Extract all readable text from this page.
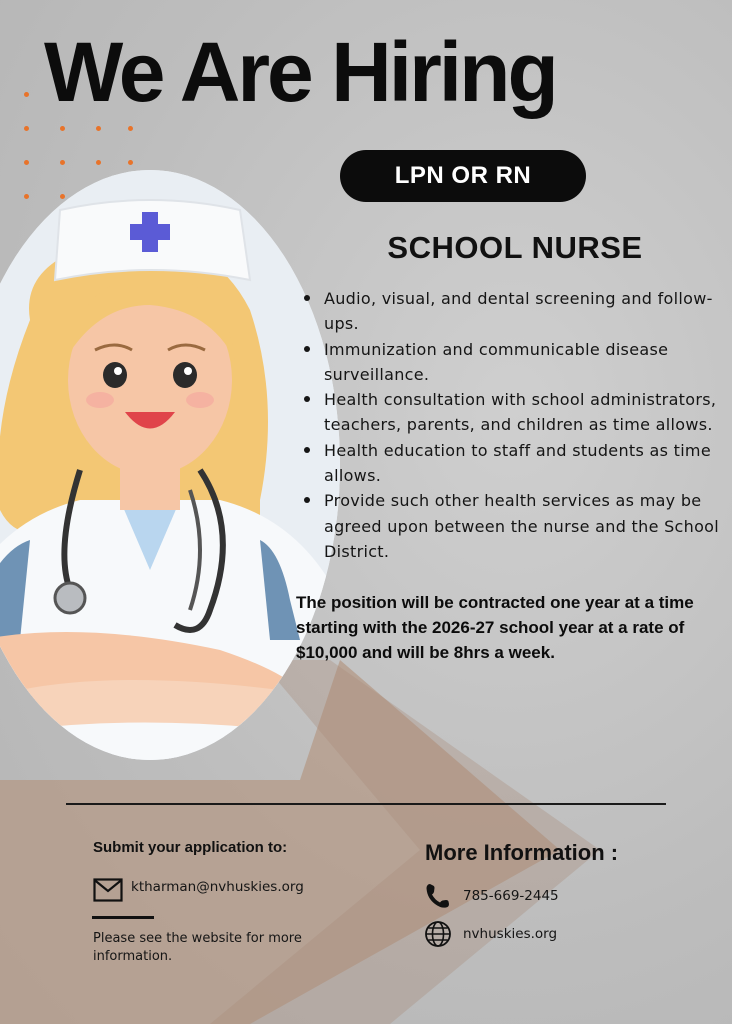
We Are Hiring
LPN OR RN
SCHOOL NURSE
Audio, visual, and dental screening and follow-ups.
Immunization and communicable disease surveillance.
Health consultation with school administrators, teachers, parents, and children as time allows.
Health education to staff and students as time allows.
Provide such other health services as may be agreed upon between the nurse and the School District.

The position will be contracted one year at a time starting with the 2026-27 school year at a rate of $10,000 and will be 8hrs a week.

Submit your application to:
ktharman@nvhuskies.org
Please see the website for more information.
More Information :
785-669-2445
nvhuskies.org
